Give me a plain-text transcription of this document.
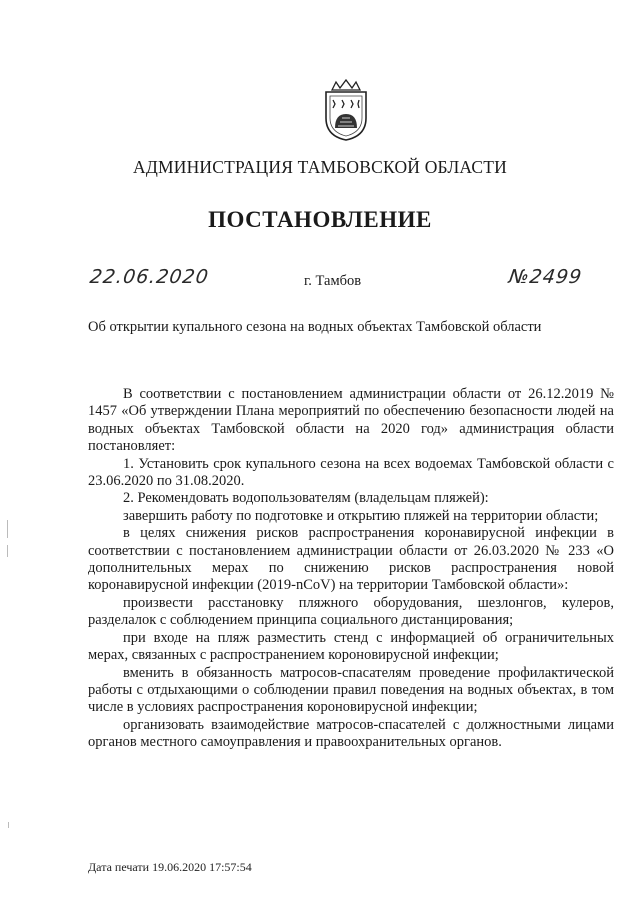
АДМИНИСТРАЦИЯ ТАМБОВСКОЙ ОБЛАСТИ
ПОСТАНОВЛЕНИЕ
22.06.2020	г. Тамбов	№2499
Об открытии купального сезона на водных объектах Тамбовской области

В соответствии с постановлением администрации области от 26.12.2019 № 1457 «Об утверждении Плана мероприятий по обеспечению безопасности людей на водных объектах Тамбовской области на 2020 год» администрация области постановляет:

1. Установить срок купального сезона на всех водоемах Тамбовской области с 23.06.2020 по 31.08.2020.

2. Рекомендовать водопользователям (владельцам пляжей):

завершить работу по подготовке и открытию пляжей на территории области;

в целях снижения рисков распространения коронавирусной инфекции в соответствии с постановлением администрации области от 26.03.2020 № 233 «О дополнительных мерах по снижению рисков распространения новой коронавирусной инфекции (2019-nCoV) на территории Тамбовской области»:

произвести расстановку пляжного оборудования, шезлонгов, кулеров, разделалок с соблюдением принципа социального дистанцирования;

при входе на пляж разместить стенд с информацией об ограничительных мерах, связанных с распространением короновирусной инфекции;

вменить в обязанность матросов-спасателям проведение профилактической работы с отдыхающими о соблюдении правил поведения на водных объектах, в том числе в условиях распространения короновирусной инфекции;

организовать взаимодействие матросов-спасателей с должностными лицами органов местного самоуправления и правоохранительных органов.

Дата печати 19.06.2020 17:57:54
